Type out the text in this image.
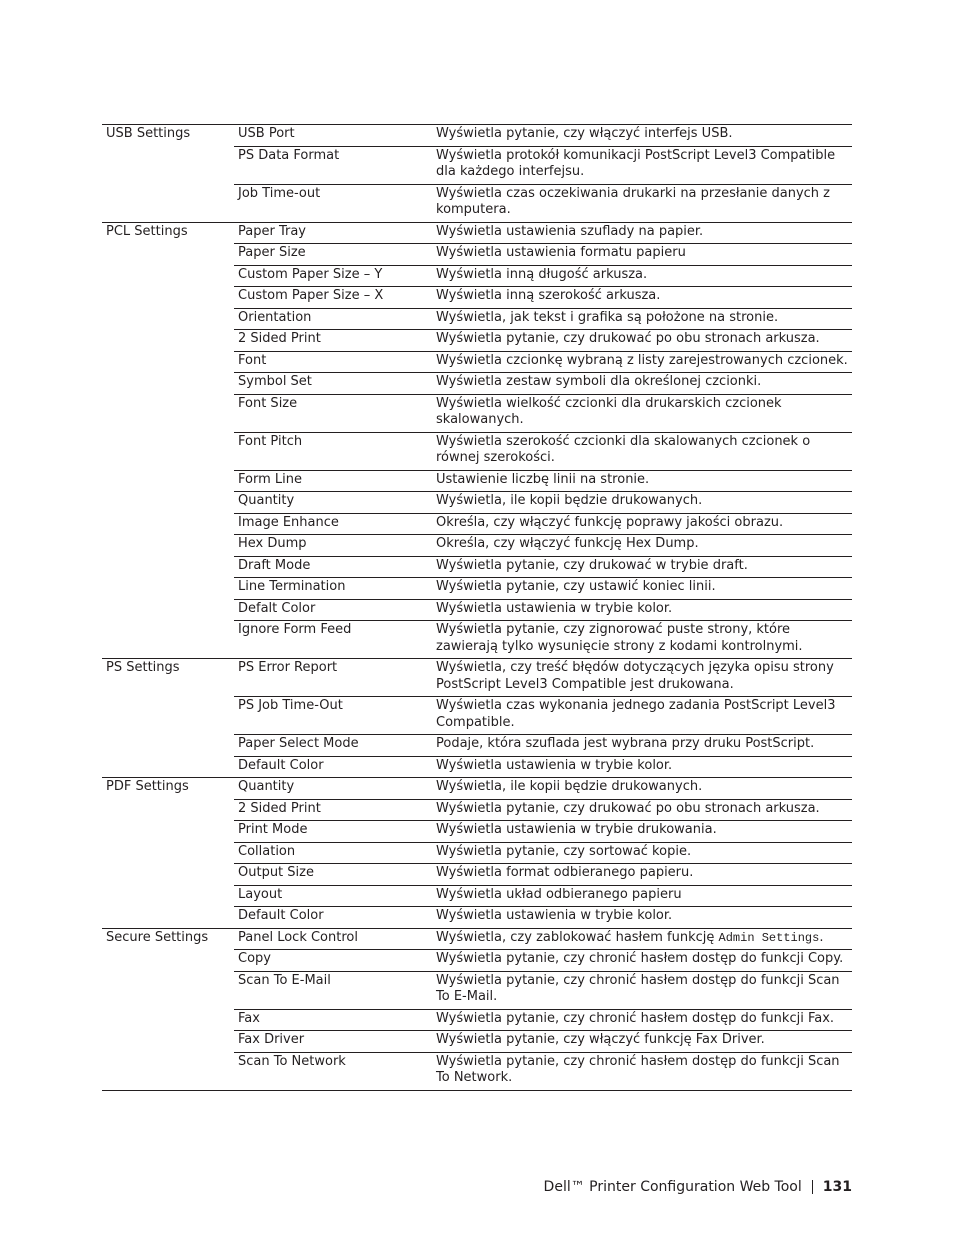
USB Settings	USB Port	Wyświetla pytanie, czy włączyć interfejs USB.
	PS Data Format	Wyświetla protokół komunikacji PostScript Level3 Compatible dla każdego interfejsu.
	Job Time-out	Wyświetla czas oczekiwania drukarki na przesłanie danych z komputera.
PCL Settings	Paper Tray	Wyświetla ustawienia szuflady na papier.
	Paper Size	Wyświetla ustawienia formatu papieru
	Custom Paper Size – Y	Wyświetla inną długość arkusza.
	Custom Paper Size – X	Wyświetla inną szerokość arkusza.
	Orientation	Wyświetla, jak tekst i grafika są położone na stronie.
	2 Sided Print	Wyświetla pytanie, czy drukować po obu stronach arkusza.
	Font	Wyświetla czcionkę wybraną z listy zarejestrowanych czcionek.
	Symbol Set	Wyświetla zestaw symboli dla określonej czcionki.
	Font Size	Wyświetla wielkość czcionki dla drukarskich czcionek skalowanych.
	Font Pitch	Wyświetla szerokość czcionki dla skalowanych czcionek o równej szerokości.
	Form Line	Ustawienie liczbę linii na stronie.
	Quantity	Wyświetla, ile kopii będzie drukowanych.
	Image Enhance	Określa, czy włączyć funkcję poprawy jakości obrazu.
	Hex Dump	Określa, czy włączyć funkcję Hex Dump.
	Draft Mode	Wyświetla pytanie, czy drukować w trybie draft.
	Line Termination	Wyświetla pytanie, czy ustawić koniec linii.
	Defalt Color	Wyświetla ustawienia w trybie kolor.
	Ignore Form Feed	Wyświetla pytanie, czy zignorować puste strony, które zawierają tylko wysunięcie strony z kodami kontrolnymi.
PS Settings	PS Error Report	Wyświetla, czy treść błędów dotyczących języka opisu strony PostScript Level3 Compatible jest drukowana.
	PS Job Time-Out	Wyświetla czas wykonania jednego zadania PostScript Level3 Compatible.
	Paper Select Mode	Podaje, która szuflada jest wybrana przy druku PostScript.
	Default Color	Wyświetla ustawienia w trybie kolor.
PDF Settings	Quantity	Wyświetla, ile kopii będzie drukowanych.
	2 Sided Print	Wyświetla pytanie, czy drukować po obu stronach arkusza.
	Print Mode	Wyświetla ustawienia w trybie drukowania.
	Collation	Wyświetla pytanie, czy sortować kopie.
	Output Size	Wyświetla format odbieranego papieru.
	Layout	Wyświetla układ odbieranego papieru
	Default Color	Wyświetla ustawienia w trybie kolor.
Secure Settings	Panel Lock Control	Wyświetla, czy zablokować hasłem funkcję Admin Settings.
	Copy	Wyświetla pytanie, czy chronić hasłem dostęp do funkcji Copy.
	Scan To E-Mail	Wyświetla pytanie, czy chronić hasłem dostęp do funkcji Scan To E-Mail.
	Fax	Wyświetla pytanie, czy chronić hasłem dostęp do funkcji Fax.
	Fax Driver	Wyświetla pytanie, czy włączyć funkcję Fax Driver.
	Scan To Network	Wyświetla pytanie, czy chronić hasłem dostęp do funkcji Scan To Network.
Dell™ Printer Configuration Web Tool 131
